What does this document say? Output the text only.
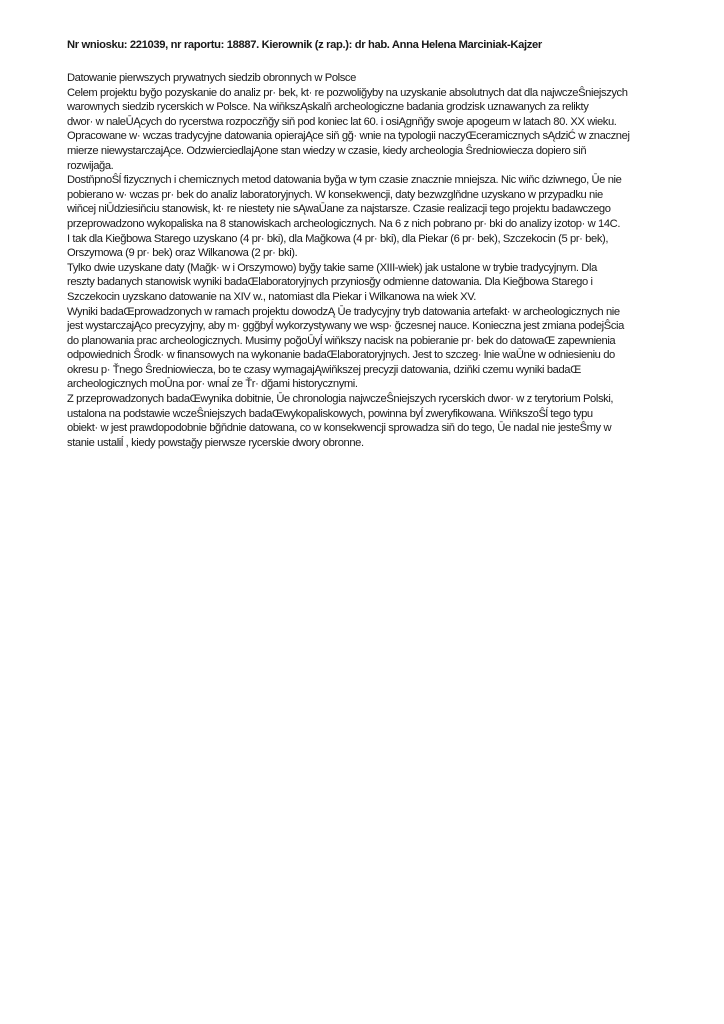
Nr wniosku: 221039, nr raportu: 18887. Kierownik (z rap.): dr hab. Anna Helena Marciniak-Kajzer
Datowanie pierwszych prywatnych siedzib obronnych w Polsce
Celem projektu byğo pozyskanie do analiz pr· bek, kt· re pozwoliğyby na uzyskanie absolutnych dat dla najwczeŜniejszych
warownych siedzib rycerskich w Polsce. Na wiňkszĄskalň archeologiczne badania grodzisk uznawanych za relikty
dwor· w naleŪĄcych do rycerstwa rozpoczňğy siň pod koniec lat 60. i osiĄgnňğy swoje apogeum w latach 80. XX wieku.
Opracowane w· wczas tradycyjne datowania opierajĄce siň gğ· wnie na typologii naczyŒceramicznych sĄdziĆ w znacznej
mierze niewystarczajĄce. OdzwierciedlajĄone stan wiedzy w czasie, kiedy archeologia Ŝredniowiecza dopiero siň
rozwijağa.
DostňpnoŜĺ fizycznych i chemicznych metod datowania byğa w tym czasie znacznie mniejsza. Nic wiňc dziwnego, Ūe nie
pobierano w· wczas pr· bek do analiz laboratoryjnych. W konsekwencji, daty bezwzglňdne uzyskano w przypadku nie
wiňcej niŪdziesiňciu stanowisk, kt· re niestety nie sĄwaŪane za najstarsze. Czasie realizacji tego projektu badawczego
przeprowadzono wykopaliska na 8 stanowiskach archeologicznych. Na 6 z nich pobrano pr· bki do analizy izotop· w 14C.
I tak dla Kieğbowa Starego uzyskano (4 pr· bki), dla Mağkowa (4 pr· bki), dla Piekar (6 pr· bek), Szczekocin (5 pr· bek),
Orszymowa (9 pr· bek) oraz Wilkanowa (2 pr· bki).
Tylko dwie uzyskane daty (Mağk· w i Orszymowo) byğy takie same (XIII-wiek) jak ustalone w trybie tradycyjnym. Dla
reszty badanych stanowisk wyniki badaŒlaboratoryjnych przyniosğy odmienne datowania. Dla Kieğbowa Starego i
Szczekocin uyzskano datowanie na XIV w., natomiast dla Piekar i Wilkanowa na wiek XV.
Wyniki badaŒprowadzonych w ramach projektu dowodzĄ Ūe tradycyjny tryb datowania artefakt· w archeologicznych nie
jest wystarczajĄco precyzyjny, aby m· ggğbyĺ wykorzystywany we wsp· ğczesnej nauce. Konieczna jest zmiana podejŜcia
do planowania prac archeologicznych. Musimy poğoŪyĺ wiňkszy nacisk na pobieranie pr· bek do datowaŒ zapewnienia
odpowiednich Ŝrodk· w finansowych na wykonanie badaŒlaboratoryjnych. Jest to szczeg· lnie waŪne w odniesieniu do
okresu p· Ťnego Ŝredniowiecza, bo te czasy wymagajĄwiňkszej precyzji datowania, dziňki czemu wyniki badaŒ
archeologicznych moŪna por· wnaĺ ze Ťr· dğami historycznymi.
Z przeprowadzonych badaŒwynika dobitnie, Ūe chronologia najwczeŜniejszych rycerskich dwor· w z terytorium Polski,
ustalona na podstawie wczeŜniejszych badaŒwykopaliskowych, powinna byĺ zweryfikowana. WiňkszoŜĺ tego typu
obiekt· w jest prawdopodobnie bğňdnie datowana, co w konsekwencji sprowadza siň do tego, Ūe nadal nie jesteŜmy w
stanie ustaliĺ , kiedy powstağy pierwsze rycerskie dwory obronne.
